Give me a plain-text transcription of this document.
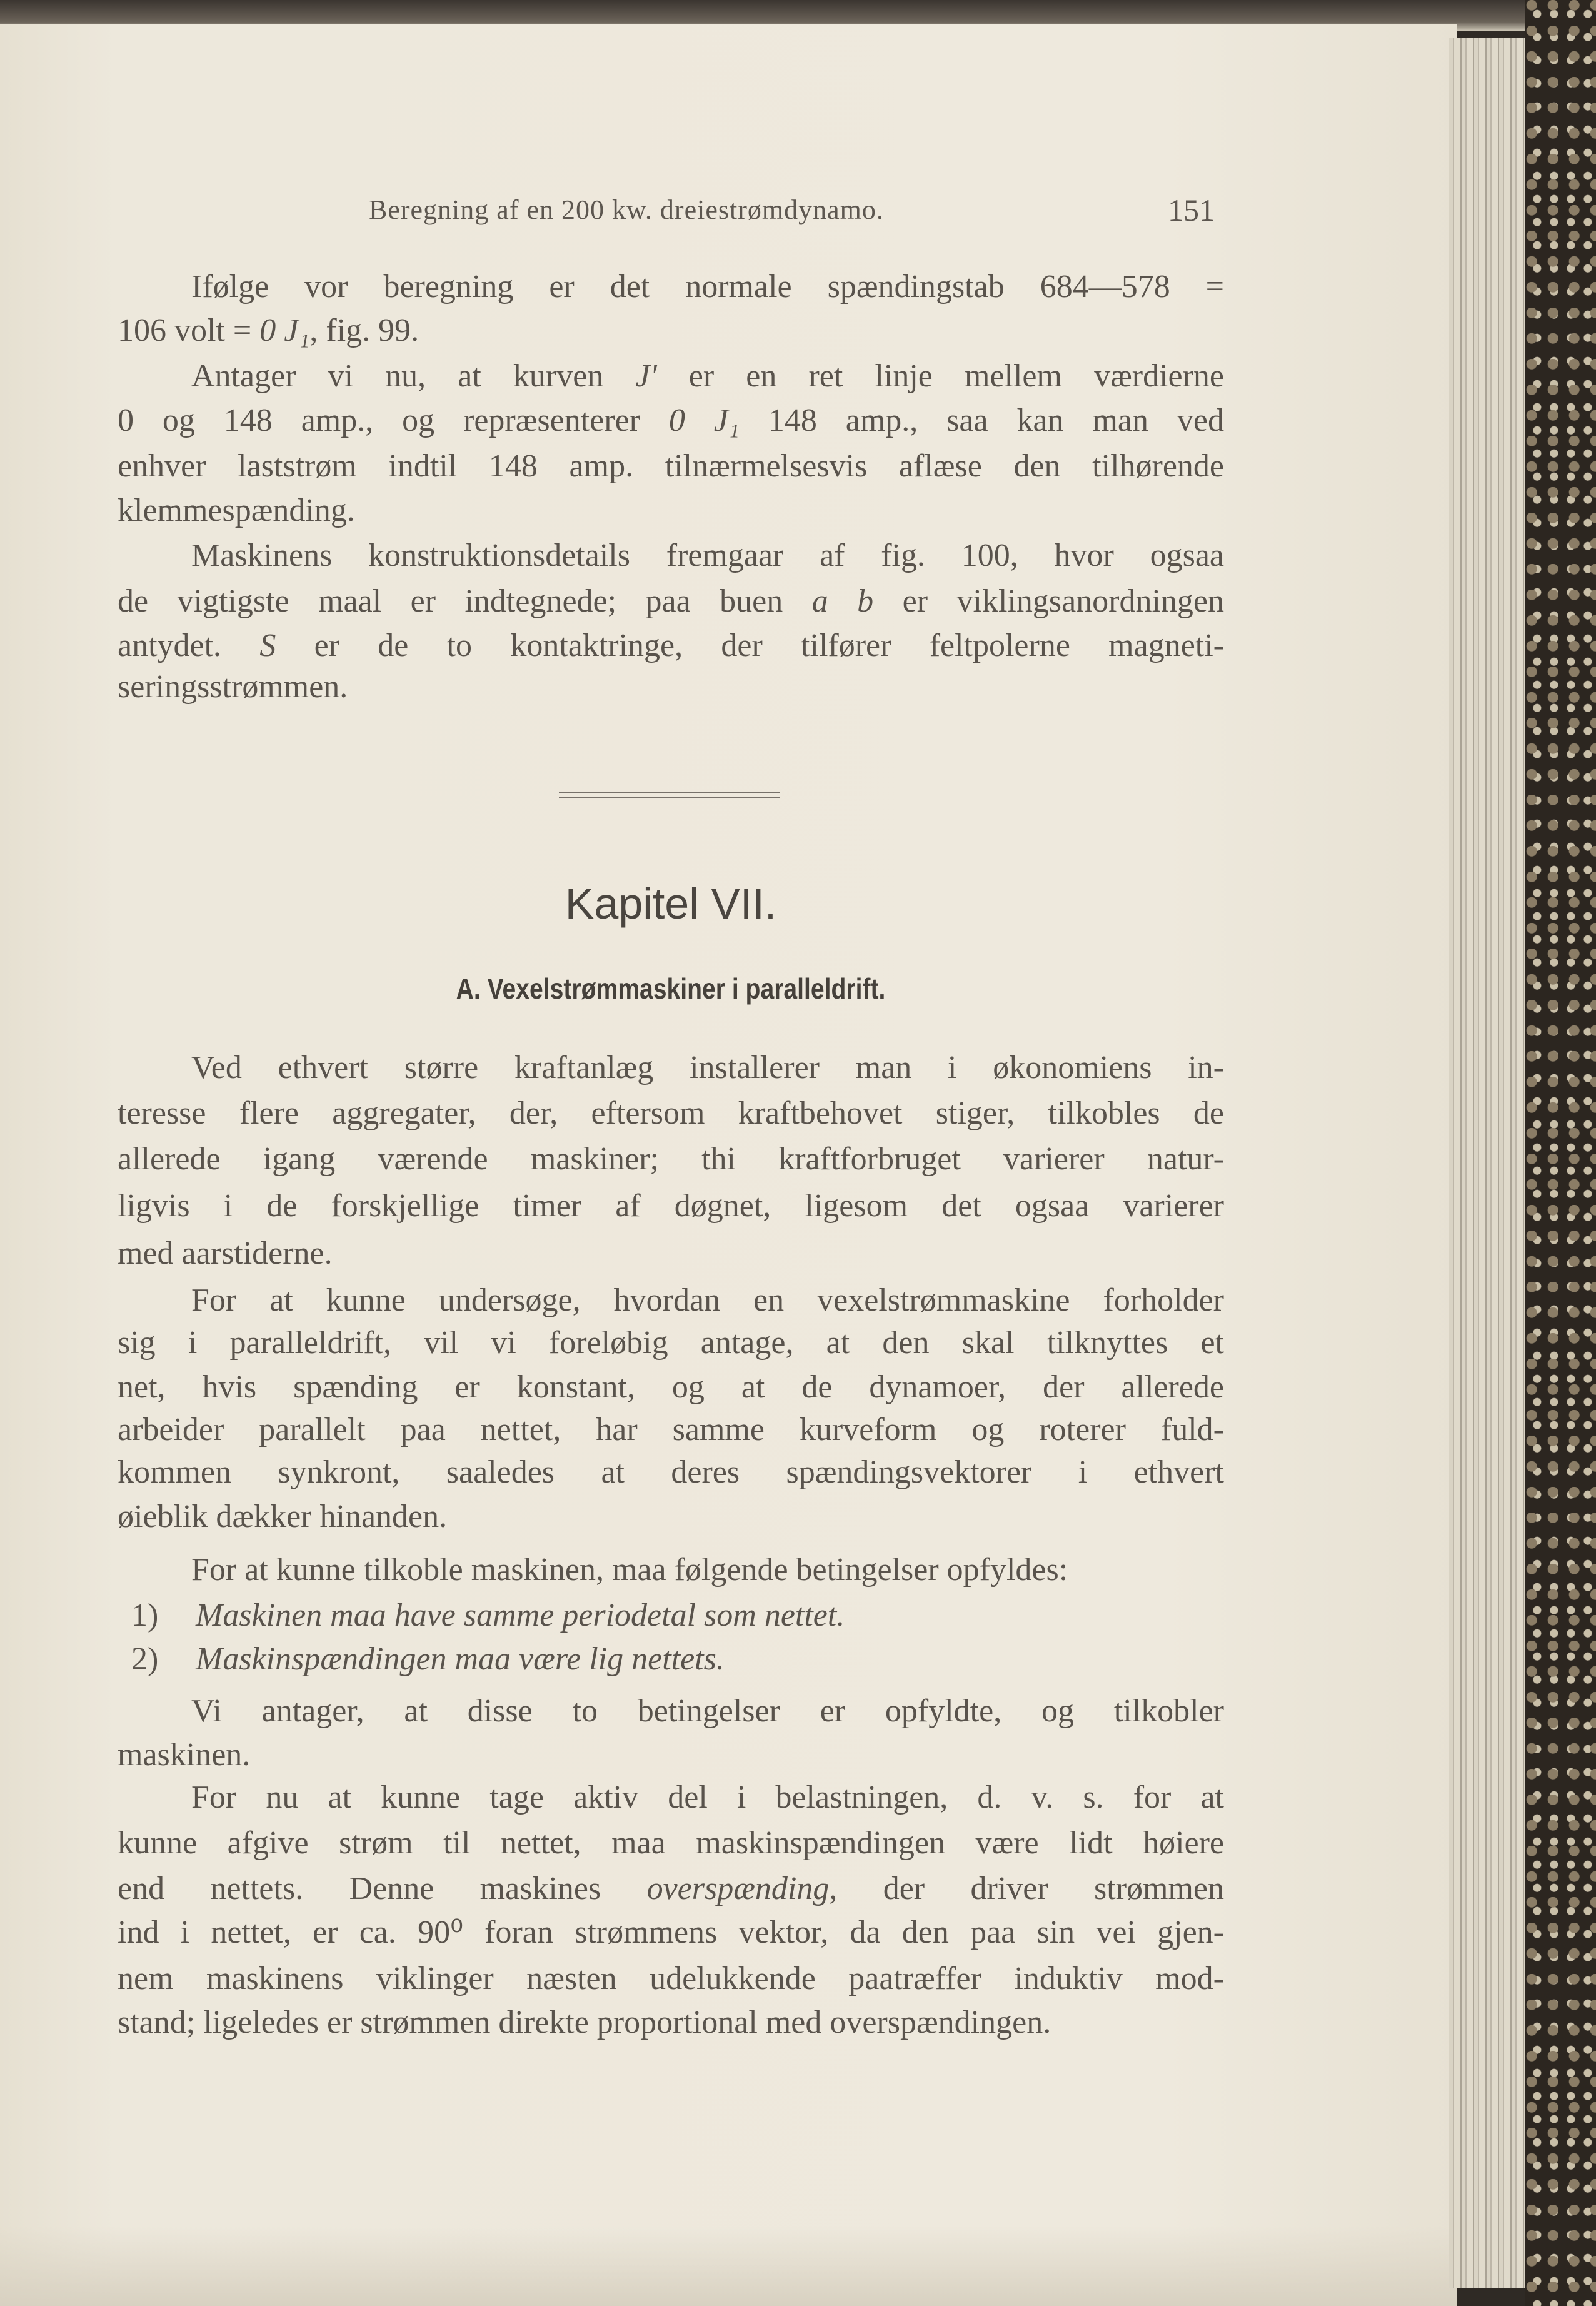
Beregning af en 200 kw. dreiestrømdynamo.	151
Ifølge vor beregning er det normale spændingstab 684—578 =
106 volt = 0 J₁, fig. 99.
Antager vi nu, at kurven J' er en ret linje mellem værdierne
0 og 148 amp., og repræsenterer 0 J₁ 148 amp., saa kan man ved
enhver laststrøm indtil 148 amp. tilnærmelsesvis aflæse den tilhørende
klemmespænding.
Maskinens konstruktionsdetails fremgaar af fig. 100, hvor ogsaa
de vigtigste maal er indtegnede; paa buen a b er viklingsanordningen
antydet. S er de to kontaktringe, der tilfører feltpolerne magneti-
seringsstrømmen.
Kapitel VII.
A. Vexelstrømmaskiner i paralleldrift.
Ved ethvert større kraftanlæg installerer man i økonomiens in-
teresse flere aggregater, der, eftersom kraftbehovet stiger, tilkobles de
allerede igang værende maskiner; thi kraftforbruget varierer natur-
ligvis i de forskjellige timer af døgnet, ligesom det ogsaa varierer
med aarstiderne.
For at kunne undersøge, hvordan en vexelstrømmaskine forholder
sig i paralleldrift, vil vi foreløbig antage, at den skal tilknyttes et
net, hvis spænding er konstant, og at de dynamoer, der allerede
arbeider parallelt paa nettet, har samme kurveform og roterer fuld-
kommen synkront, saaledes at deres spændingsvektorer i ethvert
øieblik dækker hinanden.
For at kunne tilkoble maskinen, maa følgende betingelser opfyldes:
1) Maskinen maa have samme periodetal som nettet.
2) Maskinspændingen maa være lig nettets.
Vi antager, at disse to betingelser er opfyldte, og tilkobler
maskinen.
For nu at kunne tage aktiv del i belastningen, d. v. s. for at
kunne afgive strøm til nettet, maa maskinspændingen være lidt høiere
end nettets. Denne maskines overspænding, der driver strømmen
ind i nettet, er ca. 90⁰ foran strømmens vektor, da den paa sin vei gjen-
nem maskinens viklinger næsten udelukkende paatræffer induktiv mod-
stand; ligeledes er strømmen direkte proportional med overspændingen.
